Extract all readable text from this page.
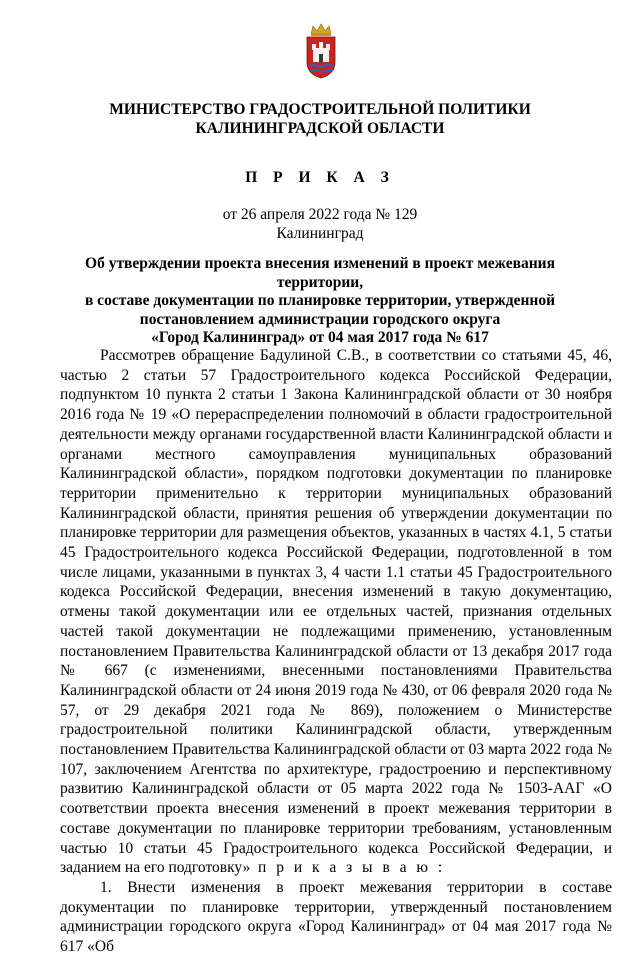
МИНИСТЕРСТВО ГРАДОСТРОИТЕЛЬНОЙ ПОЛИТИКИ
КАЛИНИНГРАДСКОЙ ОБЛАСТИ
П Р И К А З
от 26 апреля 2022 года № 129
Калининград
Об утверждении проекта внесения изменений в проект межевания территории,
в составе документации по планировке территории, утвержденной
постановлением администрации городского округа
«Город Калининград» от 04 мая 2017 года № 617

Рассмотрев обращение Бадулиной С.В., в соответствии со статьями 45, 46, частью 2 статьи 57 Градостроительного кодекса Российской Федерации, подпунктом 10 пункта 2 статьи 1 Закона Калининградской области от 30 ноября 2016 года № 19 «О перераспределении полномочий в области градостроительной деятельности между органами государственной власти Калининградской области и органами местного самоуправления муниципальных образований Калининградской области», порядком подготовки документации по планировке территории применительно к территории муниципальных образований Калининградской области, принятия решения об утверждении документации по планировке территории для размещения объектов, указанных в частях 4.1, 5 статьи 45 Градостроительного кодекса Российской Федерации, подготовленной в том числе лицами, указанными в пунктах 3, 4 части 1.1 статьи 45 Градостроительного кодекса Российской Федерации, внесения изменений в такую документацию, отмены такой документации или ее отдельных частей, признания отдельных частей такой документации не подлежащими применению, установленным постановлением Правительства Калининградской области от 13 декабря 2017 года № 667 (с изменениями, внесенными постановлениями Правительства Калининградской области от 24 июня 2019 года № 430, от 06 февраля 2020 года № 57, от 29 декабря 2021 года № 869), положением о Министерстве градостроительной политики Калининградской области, утвержденным постановлением Правительства Калининградской области от 03 марта 2022 года № 107, заключением Агентства по архитектуре, градостроению и перспективному развитию Калининградской области от 05 марта 2022 года № 1503-ААГ «О соответствии проекта внесения изменений в проект межевания территории в составе документации по планировке территории требованиям, установленным частью 10 статьи 45 Градостроительного кодекса Российской Федерации, и заданием на его подготовку» п р и к а з ы в а ю :

1. Внести изменения в проект межевания территории в составе документации по планировке территории, утвержденный постановлением администрации городского округа «Город Калининград» от 04 мая 2017 года № 617 «Об
